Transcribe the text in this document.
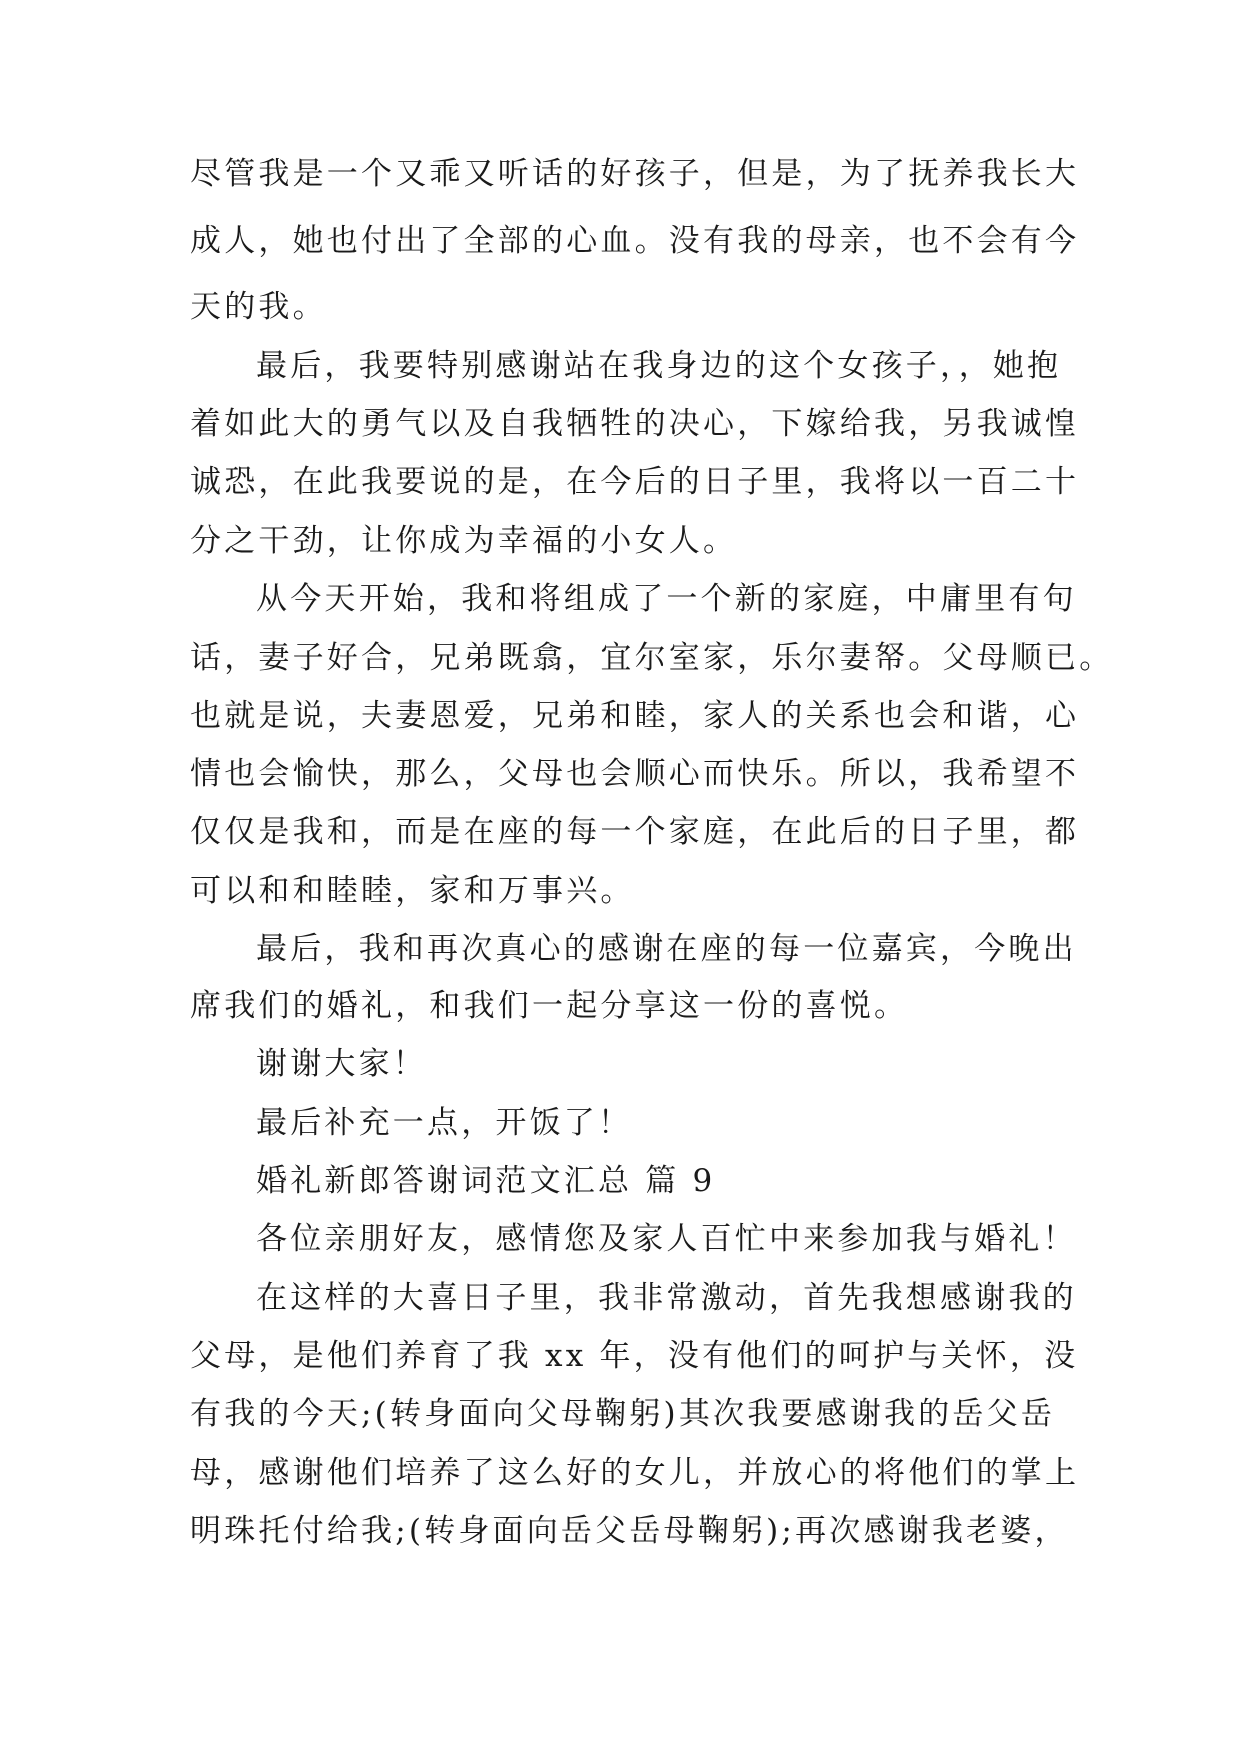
尽管我是一个又乖又听话的好孩子，但是，为了抚养我长大
成人，她也付出了全部的心血。没有我的母亲，也不会有今
天的我。
最后，我要特别感谢站在我身边的这个女孩子，，她抱
着如此大的勇气以及自我牺牲的决心，下嫁给我，另我诚惶
诚恐，在此我要说的是，在今后的日子里，我将以一百二十
分之干劲，让你成为幸福的小女人。
从今天开始，我和将组成了一个新的家庭，中庸里有句
话，妻子好合，兄弟既翕，宜尔室家，乐尔妻帑。父母顺已。
也就是说，夫妻恩爱，兄弟和睦，家人的关系也会和谐，心
情也会愉快，那么，父母也会顺心而快乐。所以，我希望不
仅仅是我和，而是在座的每一个家庭，在此后的日子里，都
可以和和睦睦，家和万事兴。
最后，我和再次真心的感谢在座的每一位嘉宾，今晚出
席我们的婚礼，和我们一起分享这一份的喜悦。
谢谢大家！
最后补充一点，开饭了！
婚礼新郎答谢词范文汇总 篇 9
各位亲朋好友，感情您及家人百忙中来参加我与婚礼！
在这样的大喜日子里，我非常激动，首先我想感谢我的
父母，是他们养育了我 xx 年，没有他们的呵护与关怀，没
有我的今天;(转身面向父母鞠躬)其次我要感谢我的岳父岳
母，感谢他们培养了这么好的女儿，并放心的将他们的掌上
明珠托付给我;(转身面向岳父岳母鞠躬);再次感谢我老婆，
